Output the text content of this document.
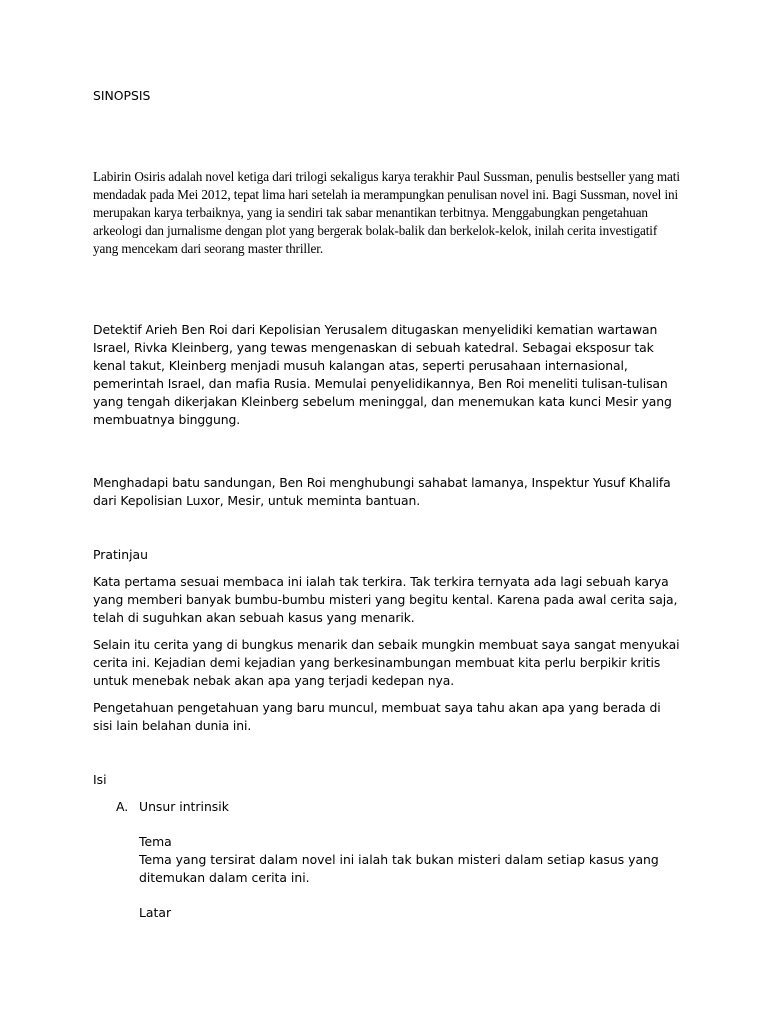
SINOPSIS

Labirin Osiris adalah novel ketiga dari trilogi sekaligus karya terakhir Paul Sussman, penulis bestseller yang mati mendadak pada Mei 2012, tepat lima hari setelah ia merampungkan penulisan novel ini. Bagi Sussman, novel ini merupakan karya terbaiknya, yang ia sendiri tak sabar menantikan terbitnya. Menggabungkan pengetahuan arkeologi dan jurnalisme dengan plot yang bergerak bolak-balik dan berkelok-kelok, inilah cerita investigatif yang mencekam dari seorang master thriller.

Detektif Arieh Ben Roi dari Kepolisian Yerusalem ditugaskan menyelidiki kematian wartawan Israel, Rivka Kleinberg, yang tewas mengenaskan di sebuah katedral. Sebagai eksposur tak kenal takut, Kleinberg menjadi musuh kalangan atas, seperti perusahaan internasional, pemerintah Israel, dan mafia Rusia. Memulai penyelidikannya, Ben Roi meneliti tulisan-tulisan yang tengah dikerjakan Kleinberg sebelum meninggal, dan menemukan kata kunci Mesir yang membuatnya binggung.

Menghadapi batu sandungan, Ben Roi menghubungi sahabat lamanya, Inspektur Yusuf Khalifa dari Kepolisian Luxor, Mesir, untuk meminta bantuan.

Pratinjau

Kata pertama sesuai membaca ini ialah tak terkira. Tak terkira ternyata ada lagi sebuah karya yang memberi banyak bumbu-bumbu misteri yang begitu kental. Karena pada awal cerita saja, telah di suguhkan akan sebuah kasus yang menarik.

Selain itu cerita yang di bungkus menarik dan sebaik mungkin membuat saya sangat menyukai cerita ini. Kejadian demi kejadian yang berkesinambungan membuat kita perlu berpikir kritis untuk menebak nebak akan apa yang terjadi kedepan nya.

Pengetahuan pengetahuan yang baru muncul, membuat saya tahu akan apa yang berada di sisi lain belahan dunia ini.

Isi

A. Unsur intrinsik

Tema

Tema yang tersirat dalam novel ini ialah tak bukan misteri dalam setiap kasus yang ditemukan dalam cerita ini.

Latar
